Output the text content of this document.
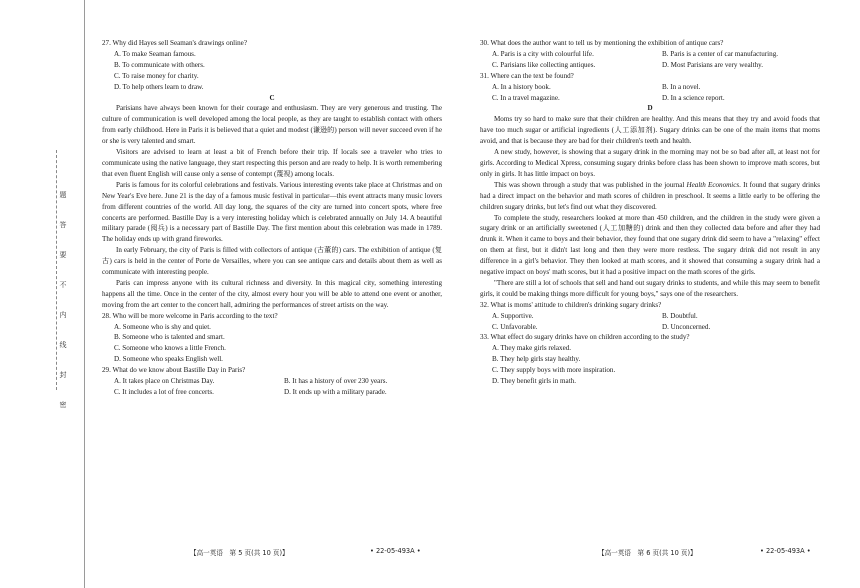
题
答
要
不
内
线
封
密
27. Why did Hayes sell Seaman's drawings online?
A. To make Seaman famous.
B. To communicate with others.
C. To raise money for charity.
D. To help others learn to draw.
C
Parisians have always been known for their courage and enthusiasm. They are very generous and trusting. The culture of communication is well developed among the local people, as they are taught to establish contact with others from early childhood. Here in Paris it is believed that a quiet and modest (谦逊的) person will never succeed even if he or she is very talented and smart.
Visitors are advised to learn at least a bit of French before their trip. If locals see a traveler who tries to communicate using the native language, they start respecting this person and are ready to help. It is worth remembering that even fluent English will cause only a sense of contempt (蔑视) among locals.
Paris is famous for its colorful celebrations and festivals. Various interesting events take place at Christmas and on New Year's Eve here. June 21 is the day of a famous music festival in particular—this event attracts many music lovers from different countries of the world. All day long, the squares of the city are turned into concert spots, where free concerts are performed. Bastille Day is a very interesting holiday which is celebrated annually on July 14. A beautiful military parade (阅兵) is a necessary part of Bastille Day. The first mention about this celebration was made in 1789. The holiday ends up with grand fireworks.
In early February, the city of Paris is filled with collectors of antique (古董的) cars. The exhibition of antique (复古) cars is held in the center of Porte de Versailles, where you can see antique cars and details about them as well as communicate with interesting people.
Paris can impress anyone with its cultural richness and diversity. In this magical city, something interesting happens all the time. Once in the center of the city, almost every hour you will be able to attend one event or another, moving from the art center to the concert hall, admiring the performances of street artists on the way.
28. Who will be more welcome in Paris according to the text?
A. Someone who is shy and quiet.
B. Someone who is talented and smart.
C. Someone who knows a little French.
D. Someone who speaks English well.
29. What do we know about Bastille Day in Paris?
A. It takes place on Christmas Day.	B. It has a history of over 230 years.
C. It includes a lot of free concerts.	D. It ends up with a military parade.
30. What does the author want to tell us by mentioning the exhibition of antique cars?
A. Paris is a city with colourful life.	B. Paris is a center of car manufacturing.
C. Parisians like collecting antiques.	D. Most Parisians are very wealthy.
31. Where can the text be found?
A. In a history book.	B. In a novel.
C. In a travel magazine.	D. In a science report.
D
Moms try so hard to make sure that their children are healthy. And this means that they try and avoid foods that have too much sugar or artificial ingredients (人工添加剂). Sugary drinks can be one of the main items that moms avoid, and that is because they are bad for their children's teeth and health.
A new study, however, is showing that a sugary drink in the morning may not be so bad after all, at least not for girls. According to Medical Xpress, consuming sugary drinks before class has been shown to improve math scores, but only in girls. It has little impact on boys.
This was shown through a study that was published in the journal Health Economics. It found that sugary drinks had a direct impact on the behavior and math scores of children in preschool. It seems a little early to be offering the children sugary drinks, but let's find out what they discovered.
To complete the study, researchers looked at more than 450 children, and the children in the study were given a sugary drink or an artificially sweetened (人工加糖的) drink and then they collected data before and after they had drunk it. When it came to boys and their behavior, they found that one sugary drink did seem to have a "relaxing" effect on them at first, but it didn't last long and then they were more restless. The sugary drink did not result in any difference in a girl's behavior. They then looked at math scores, and it showed that consuming a sugary drink had a negative impact on boys' math scores, but it had a positive impact on the math scores of the girls.
"There are still a lot of schools that sell and hand out sugary drinks to students, and while this may seem to benefit girls, it could be making things more difficult for young boys," says one of the researchers.
32. What is moms' attitude to children's drinking sugary drinks?
A. Supportive.	B. Doubtful.
C. Unfavorable.	D. Unconcerned.
33. What effect do sugary drinks have on children according to the study?
A. They make girls relaxed.
B. They help girls stay healthy.
C. They supply boys with more inspiration.
D. They benefit girls in math.
【高一英语　第 5 页(共 10 页)】	• 22-05-493A •	【高一英语　第 6 页(共 10 页)】	• 22-05-493A •
